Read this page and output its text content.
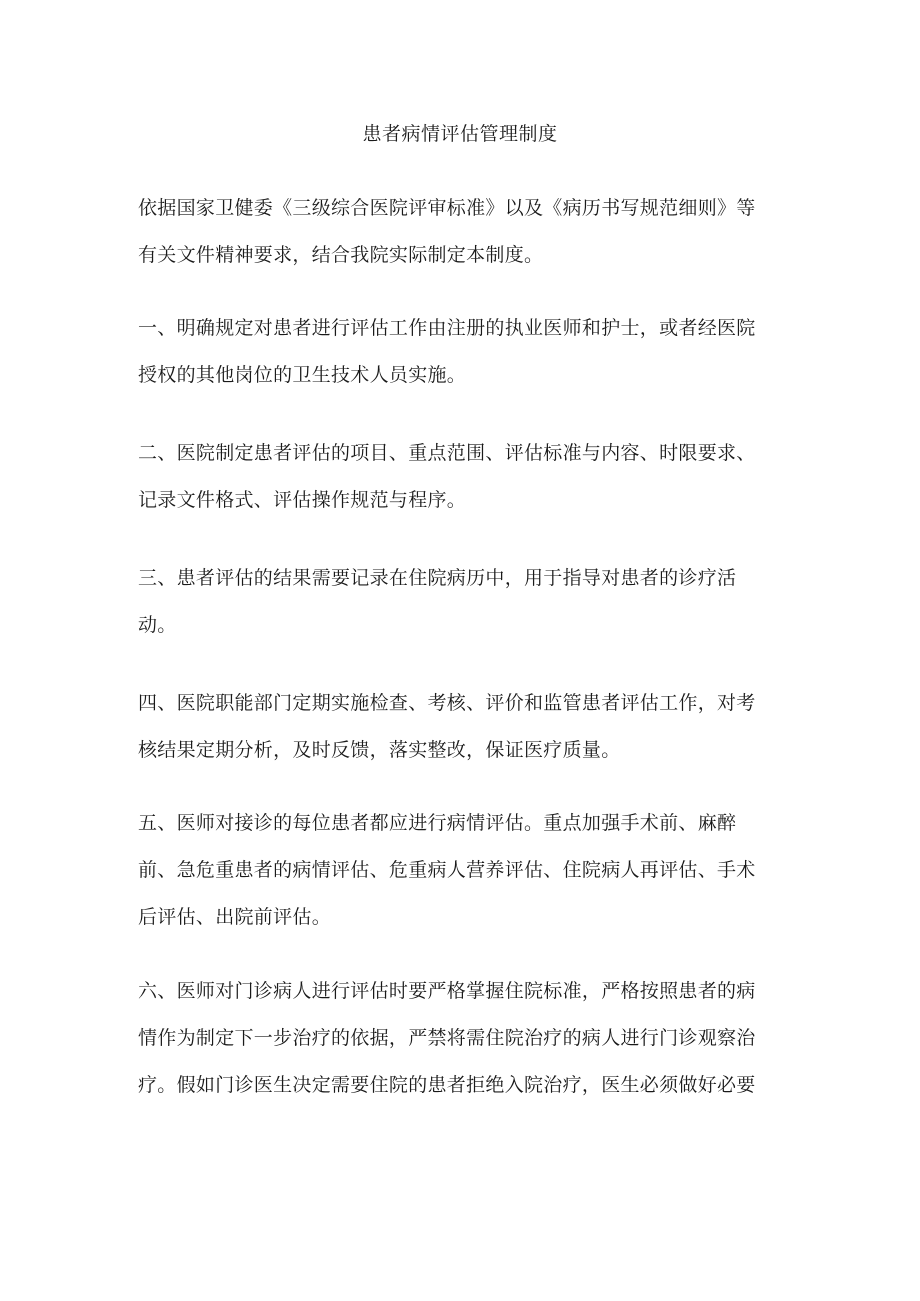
患者病情评估管理制度
依据国家卫健委《三级综合医院评审标准》以及《病历书写规范细则》等
有关文件精神要求，结合我院实际制定本制度。
一、明确规定对患者进行评估工作由注册的执业医师和护士，或者经医院
授权的其他岗位的卫生技术人员实施。
二、医院制定患者评估的项目、重点范围、评估标准与内容、时限要求、
记录文件格式、评估操作规范与程序。
三、患者评估的结果需要记录在住院病历中，用于指导对患者的诊疗活
动。
四、医院职能部门定期实施检查、考核、评价和监管患者评估工作，对考
核结果定期分析，及时反馈，落实整改，保证医疗质量。
五、医师对接诊的每位患者都应进行病情评估。重点加强手术前、麻醉
前、急危重患者的病情评估、危重病人营养评估、住院病人再评估、手术
后评估、出院前评估。
六、医师对门诊病人进行评估时要严格掌握住院标准，严格按照患者的病
情作为制定下一步治疗的依据，严禁将需住院治疗的病人进行门诊观察治
疗。假如门诊医生决定需要住院的患者拒绝入院治疗，医生必须做好必要
